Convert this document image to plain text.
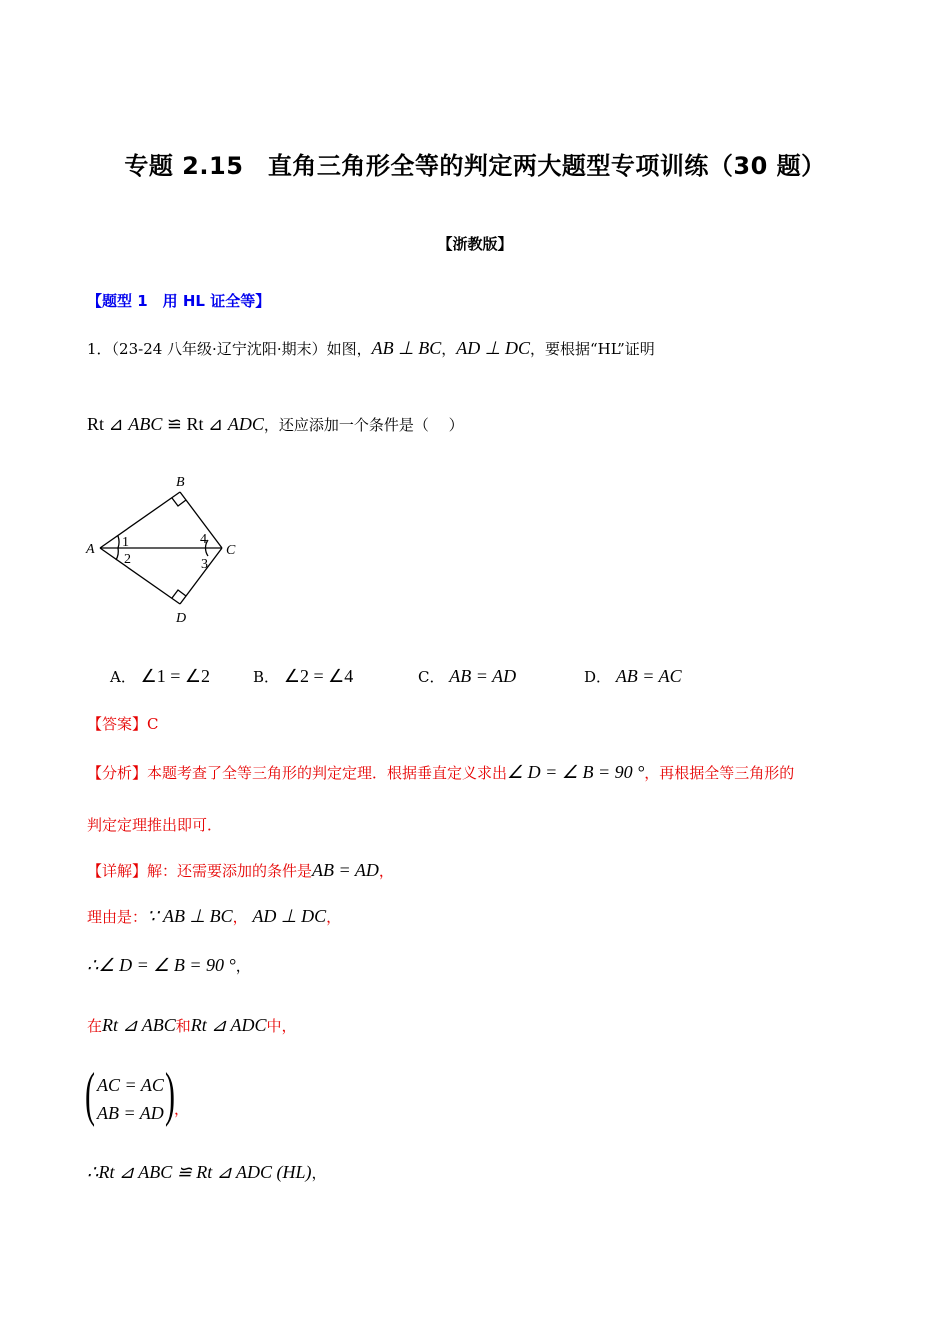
专题 2.15　直角三角形全等的判定两大题型专项训练（30 题）
【浙教版】
【题型 1　用 HL 证全等】
1．（23-24 八年级·辽宁沈阳·期末）如图，AB ⊥ BC，AD ⊥ DC，要根据“HL”证明
Rt ⊿ ABC ≌ Rt ⊿ ADC，还应添加一个条件是（　 ）
B
A	C
D
1
2	3
4
A． ∠1 = ∠2	B． ∠2 = ∠4	C． AB = AD	D． AB = AC
【答案】C
【分析】本题考查了全等三角形的判定定理．根据垂直定义求出∠ D = ∠ B = 90 °，再根据全等三角形的
判定定理推出即可．
【详解】解：还需要添加的条件是AB = AD，
理由是：∵ AB ⊥ BC， AD ⊥ DC，
∴∠ D = ∠ B = 90 °，
在Rt ⊿ ABC和Rt ⊿ ADC中，
( AC = AC
AB = AD ) ，
∴Rt ⊿ ABC ≌ Rt ⊿ ADC (HL)，
